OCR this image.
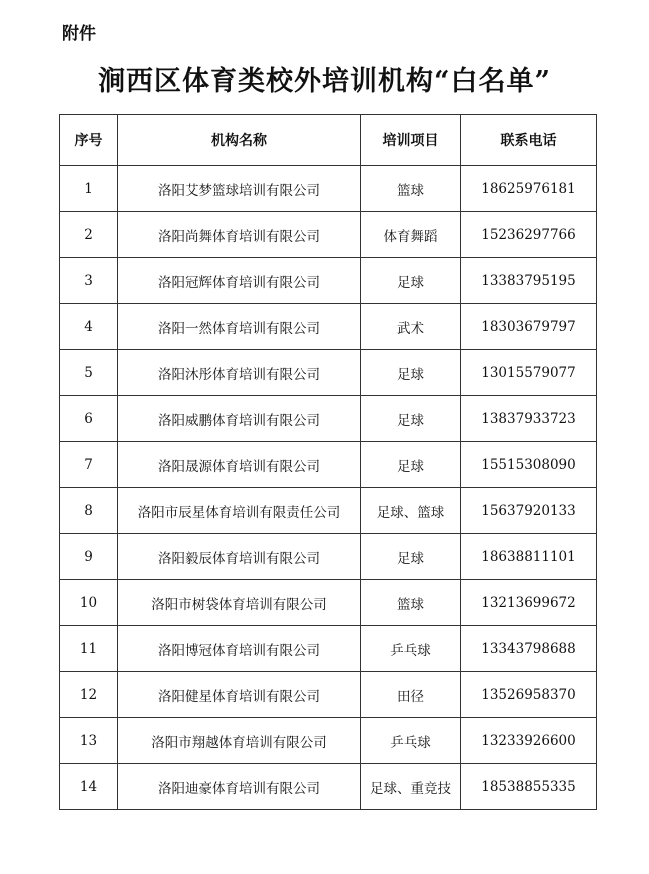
附件
涧西区体育类校外培训机构“白名单”
序号	机构名称	培训项目	联系电话
1	洛阳艾梦篮球培训有限公司	篮球	18625976181
2	洛阳尚舞体育培训有限公司	体育舞蹈	15236297766
3	洛阳冠辉体育培训有限公司	足球	13383795195
4	洛阳一然体育培训有限公司	武术	18303679797
5	洛阳沐彤体育培训有限公司	足球	13015579077
6	洛阳威鹏体育培训有限公司	足球	13837933723
7	洛阳晟源体育培训有限公司	足球	15515308090
8	洛阳市辰星体育培训有限责任公司	足球、篮球	15637920133
9	洛阳毅辰体育培训有限公司	足球	18638811101
10	洛阳市树袋体育培训有限公司	篮球	13213699672
11	洛阳博冠体育培训有限公司	乒乓球	13343798688
12	洛阳健星体育培训有限公司	田径	13526958370
13	洛阳市翔越体育培训有限公司	乒乓球	13233926600
14	洛阳迪豪体育培训有限公司	足球、重竞技	18538855335
